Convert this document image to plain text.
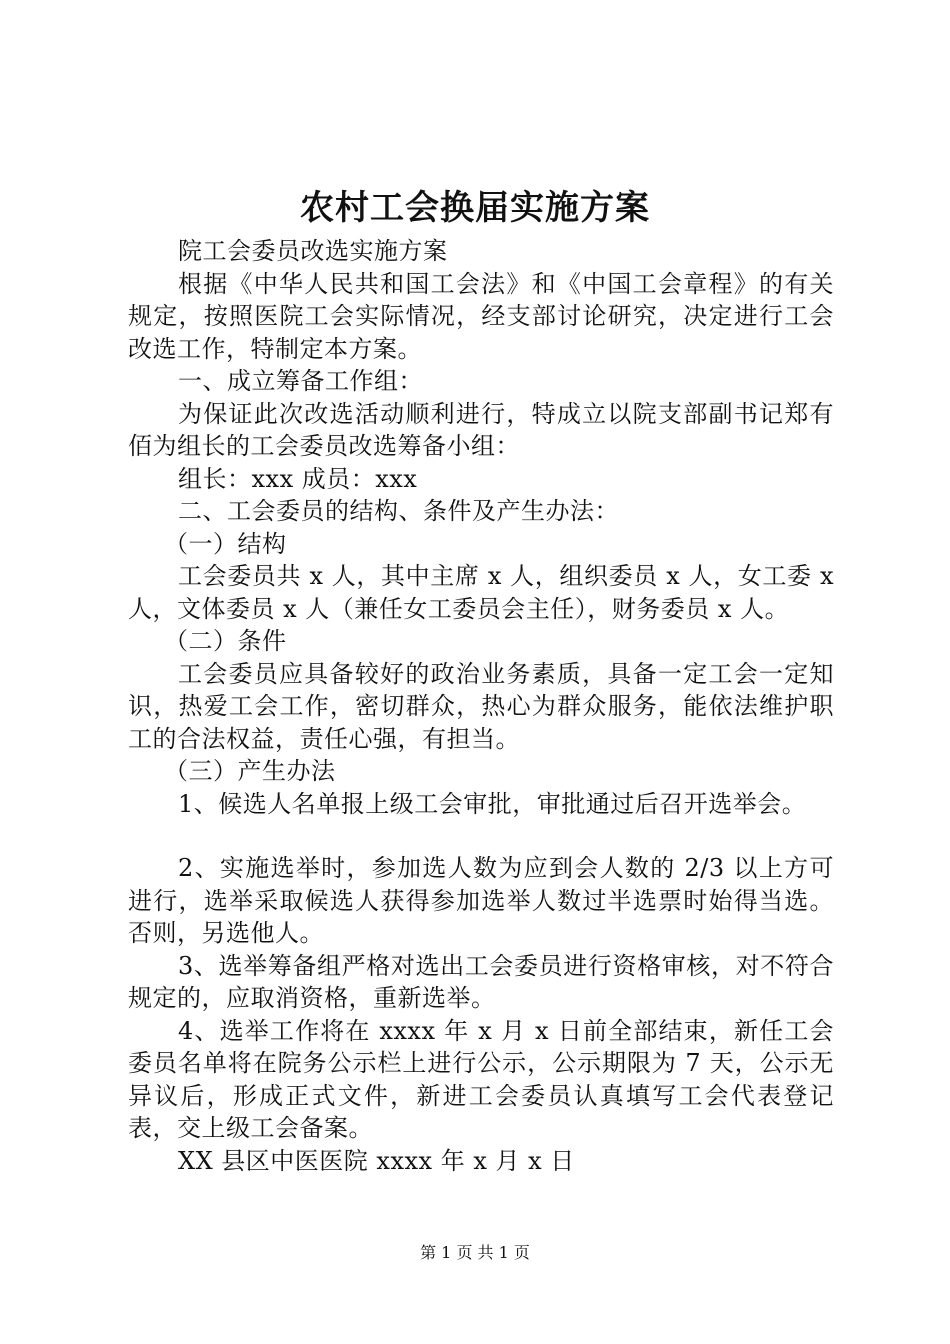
农村工会换届实施方案

院工会委员改选实施方案

根据《中华人民共和国工会法》和《中国工会章程》的有关规定，按照医院工会实际情况，经支部讨论研究，决定进行工会改选工作，特制定本方案。

一、成立筹备工作组：

为保证此次改选活动顺利进行，特成立以院支部副书记郑有佰为组长的工会委员改选筹备小组：

组长：xxx 成员：xxx

二、工会委员的结构、条件及产生办法：

（一）结构

工会委员共 x 人，其中主席 x 人，组织委员 x 人，女工委 x 人，文体委员 x 人（兼任女工委员会主任），财务委员 x 人。

（二）条件

工会委员应具备较好的政治业务素质，具备一定工会一定知识，热爱工会工作，密切群众，热心为群众服务，能依法维护职工的合法权益，责任心强，有担当。

（三）产生办法

1、候选人名单报上级工会审批，审批通过后召开选举会。

2、实施选举时，参加选人数为应到会人数的 2/3 以上方可进行，选举采取候选人获得参加选举人数过半选票时始得当选。否则，另选他人。

3、选举筹备组严格对选出工会委员进行资格审核，对不符合规定的，应取消资格，重新选举。

4、选举工作将在 xxxx 年 x 月 x 日前全部结束，新任工会委员名单将在院务公示栏上进行公示，公示期限为 7 天，公示无异议后，形成正式文件，新进工会委员认真填写工会代表登记表，交上级工会备案。

XX 县区中医医院 xxxx 年 x 月 x 日

第 1 页 共 1 页
